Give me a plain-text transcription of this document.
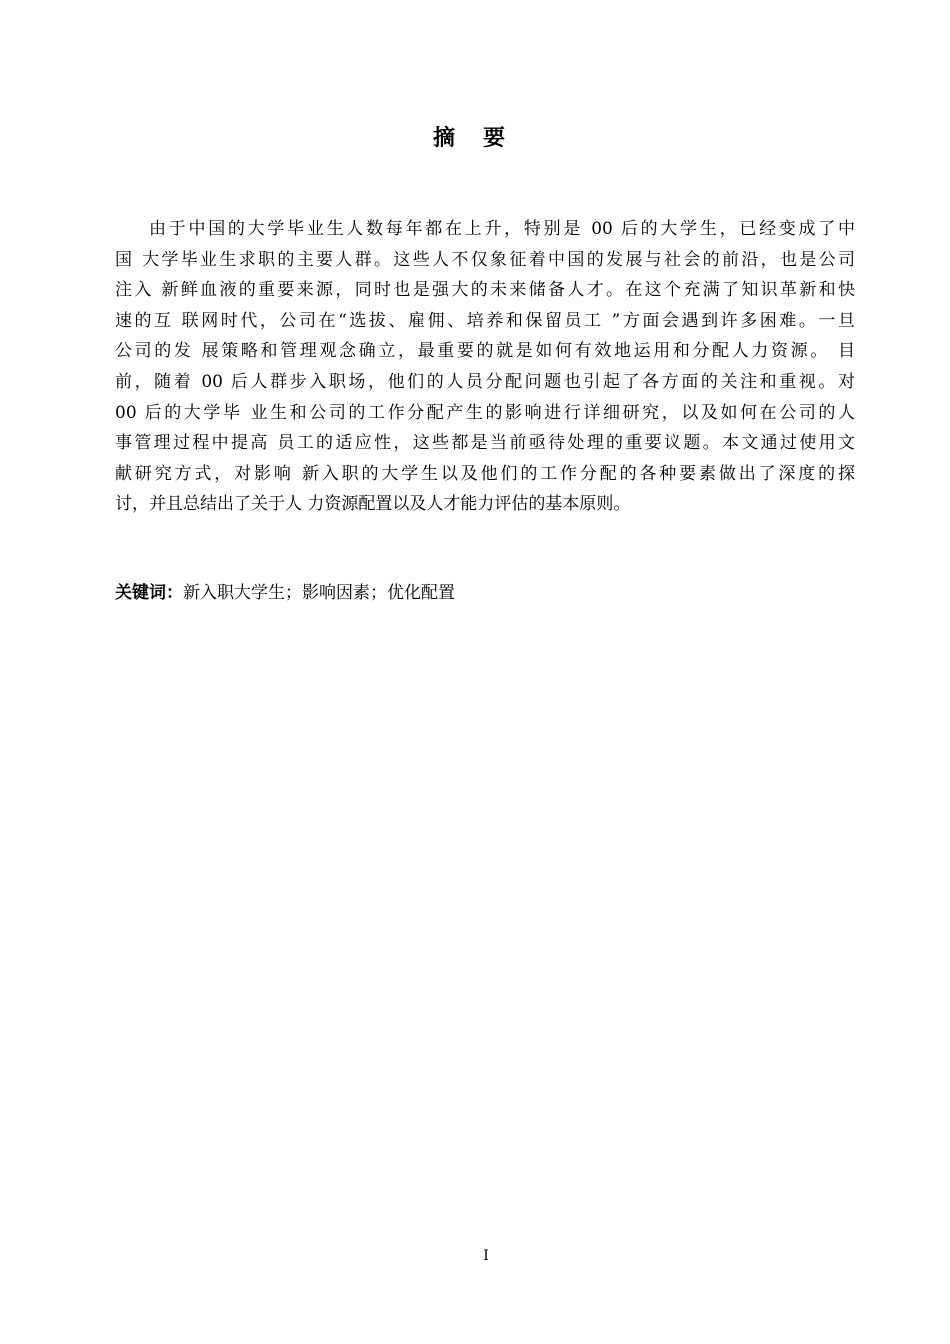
摘要
由于中国的大学毕业生人数每年都在上升，特别是 00 后的大学生，已经变成了中
国 大学毕业生求职的主要人群。这些人不仅象征着中国的发展与社会的前沿，也是公司
注入 新鲜血液的重要来源，同时也是强大的未来储备人才。在这个充满了知识革新和快
速的互 联网时代，公司在“选拔、雇佣、培养和保留员工 ”方面会遇到许多困难。一旦
公司的发 展策略和管理观念确立，最重要的就是如何有效地运用和分配人力资源。 目
前，随着 00 后人群步入职场，他们的人员分配问题也引起了各方面的关注和重视。对
00 后的大学毕 业生和公司的工作分配产生的影响进行详细研究，以及如何在公司的人
事管理过程中提高 员工的适应性，这些都是当前亟待处理的重要议题。本文通过使用文
献研究方式，对影响 新入职的大学生以及他们的工作分配的各种要素做出了深度的探
讨，并且总结出了关于人 力资源配置以及人才能力评估的基本原则。
关键词：新入职大学生；影响因素；优化配置
I
